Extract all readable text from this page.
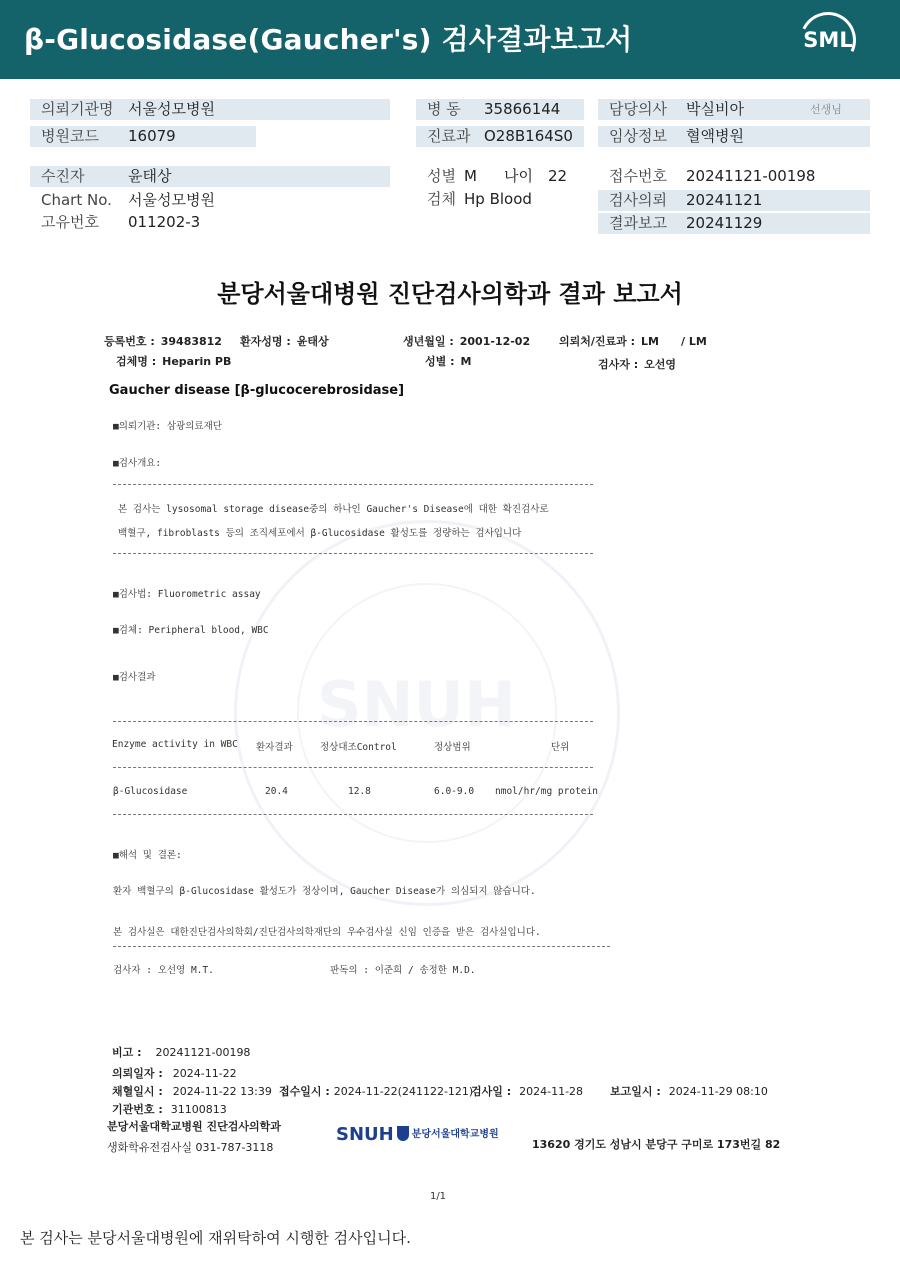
β-Glucosidase(Gaucher's) 검사결과보고서	SML
의뢰기관명 서울성모병원
병원코드 16079
병 동 35866144
진료과 O28B164S0
담당의사 박실비아	선생님
임상정보 혈액병원
수진자	윤태상
Chart No. 서울성모병원
고유번호 011202-3
성별 M 나이 22
검체 Hp Blood
접수번호 20241121-00198
검사의뢰 20241121
결과보고 20241129
SNUH
분당서울대병원 진단검사의학과 결과 보고서
등록번호 : 39483812 환자성명 : 윤태상	생년월일 : 2001-12-02	의뢰처/진료과 : LM / LM
검체명 : Heparin PB	성별 : M	검사자 : 오선영
Gaucher disease [β-glucocerebrosidase]
■의뢰기관: 삼광의료재단
■검사개요:
본 검사는 lysosomal storage disease중의 하나인 Gaucher's Disease에 대한 확진검사로
백혈구, fibroblasts 등의 조직세포에서 β-Glucosidase 활성도를 정량하는 검사입니다
■검사법: Fluorometric assay
■검체: Peripheral blood, WBC
■검사결과
Enzyme activity in WBC 환자결과	정상대조Control	정상범위	단위
β-Glucosidase	20.4	12.8	6.0-9.0 nmol/hr/mg protein
■해석 및 결론:
환자 백혈구의 β-Glucosidase 활성도가 정상이며, Gaucher Disease가 의심되지 않습니다.
본 검사실은 대한진단검사의학회/진단검사의학재단의 우수검사실 신임 인증을 받은 검사실입니다.
검사자 : 오선영 M.T.	판독의 : 이준희 / 송정한 M.D.
비고 : 20241121-00198
의뢰일자 : 2024-11-22
채혈일시 : 2024-11-22 13:39 접수일시 : 2024-11-22(241122-121)
검사일 : 2024-11-28 보고일시 : 2024-11-29 08:10
기관번호 : 31100813
분당서울대학교병원 진단검사의학과
생화학유전검사실 031-787-3118
SNUH 분당서울대학교병원
13620 경기도 성남시 분당구 구미로 173번길 82
1/1
본 검사는 분당서울대병원에 재위탁하여 시행한 검사입니다.
